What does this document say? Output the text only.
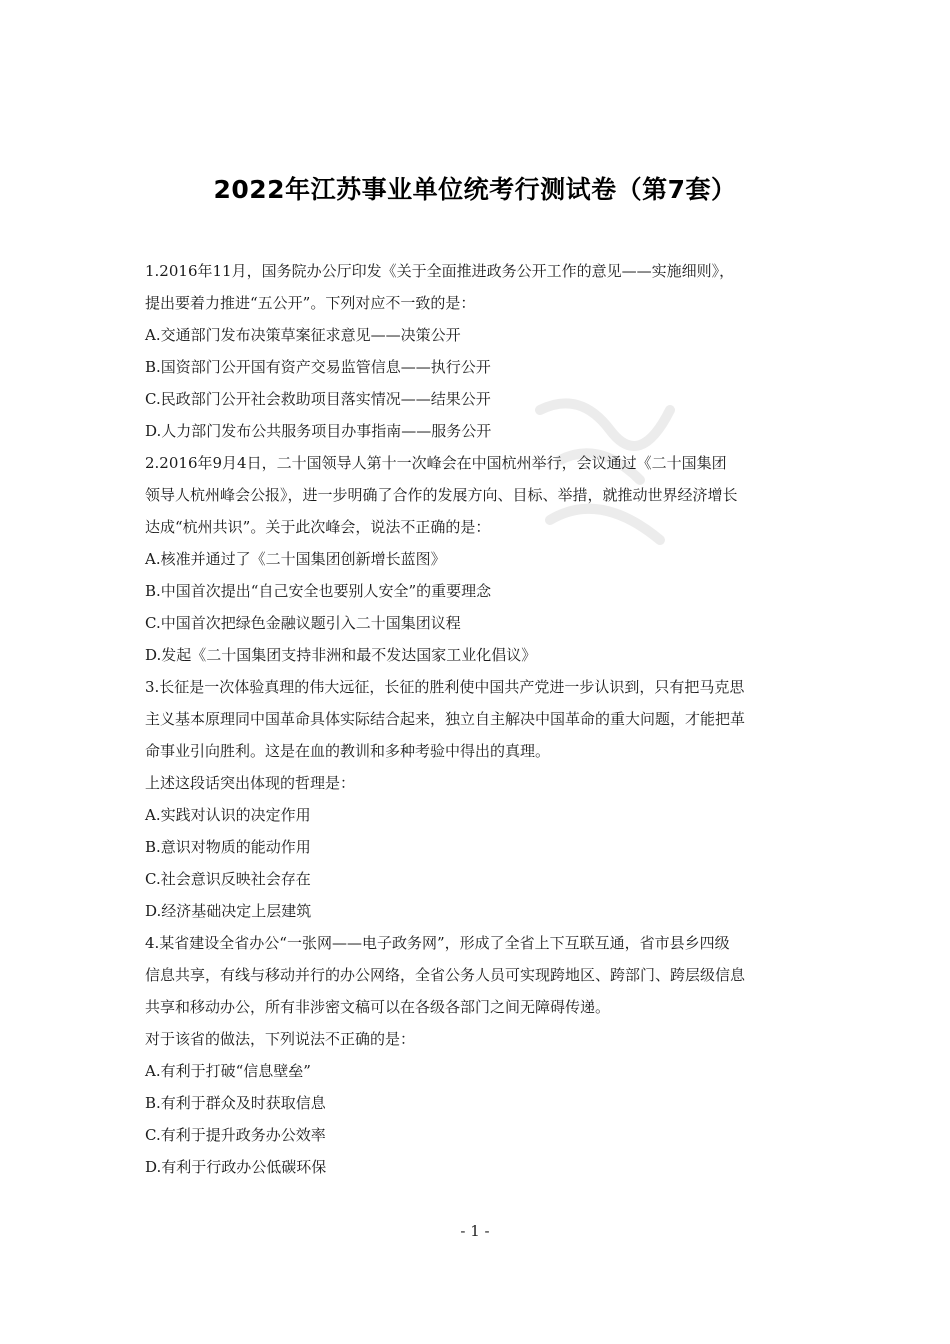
2022年江苏事业单位统考行测试卷（第7套）
1.2016年11月，国务院办公厅印发《关于全面推进政务公开工作的意见——实施细则》，
提出要着力推进“五公开”。下列对应不一致的是：
A.交通部门发布决策草案征求意见——决策公开
B.国资部门公开国有资产交易监管信息——执行公开
C.民政部门公开社会救助项目落实情况——结果公开
D.人力部门发布公共服务项目办事指南——服务公开
2.2016年9月4日，二十国领导人第十一次峰会在中国杭州举行，会议通过《二十国集团
领导人杭州峰会公报》，进一步明确了合作的发展方向、目标、举措，就推动世界经济增长
达成“杭州共识”。关于此次峰会，说法不正确的是：
A.核准并通过了《二十国集团创新增长蓝图》
B.中国首次提出“自己安全也要别人安全”的重要理念
C.中国首次把绿色金融议题引入二十国集团议程
D.发起《二十国集团支持非洲和最不发达国家工业化倡议》
3.长征是一次体验真理的伟大远征，长征的胜利使中国共产党进一步认识到，只有把马克思
主义基本原理同中国革命具体实际结合起来，独立自主解决中国革命的重大问题，才能把革
命事业引向胜利。这是在血的教训和多种考验中得出的真理。
上述这段话突出体现的哲理是：
A.实践对认识的决定作用
B.意识对物质的能动作用
C.社会意识反映社会存在
D.经济基础决定上层建筑
4.某省建设全省办公“一张网——电子政务网”，形成了全省上下互联互通，省市县乡四级
信息共享，有线与移动并行的办公网络，全省公务人员可实现跨地区、跨部门、跨层级信息
共享和移动办公，所有非涉密文稿可以在各级各部门之间无障碍传递。
对于该省的做法，下列说法不正确的是：
A.有利于打破“信息壁垒”
B.有利于群众及时获取信息
C.有利于提升政务办公效率
D.有利于行政办公低碳环保
- 1 -
